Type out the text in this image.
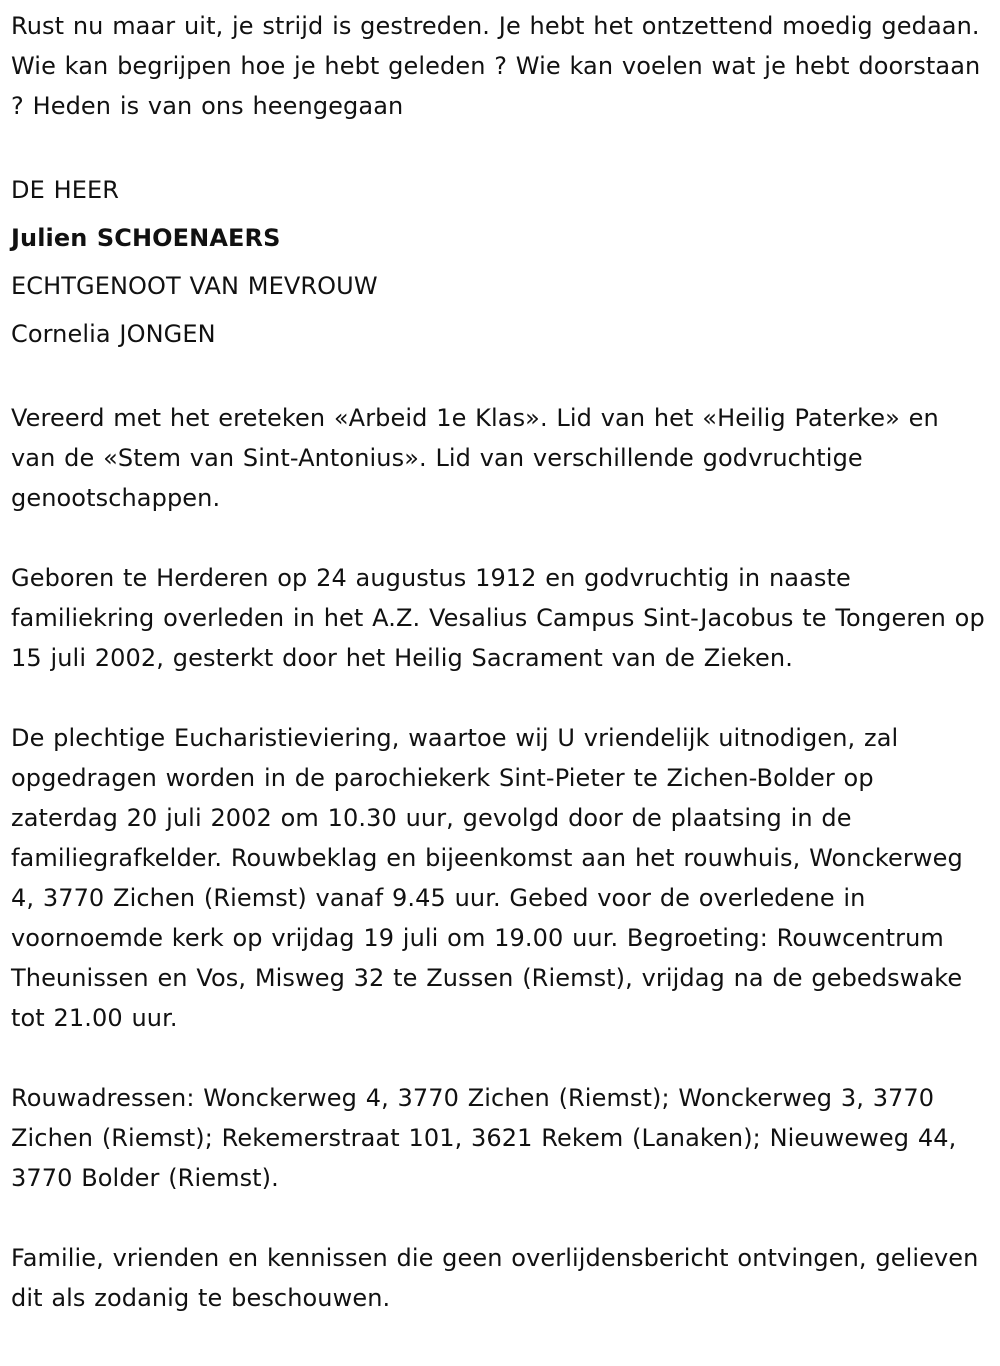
Rust nu maar uit, je strijd is gestreden. Je hebt het ontzettend moedig gedaan. Wie kan begrijpen hoe je hebt geleden ? Wie kan voelen wat je hebt doorstaan ? Heden is van ons heengegaan

DE HEER

Julien SCHOENAERS

ECHTGENOOT VAN MEVROUW

Cornelia JONGEN

Vereerd met het ereteken «Arbeid 1e Klas». Lid van het «Heilig Paterke» en van de «Stem van Sint-Antonius». Lid van verschillende godvruchtige genootschappen.

Geboren te Herderen op 24 augustus 1912 en godvruchtig in naaste familiekring overleden in het A.Z. Vesalius Campus Sint-Jacobus te Tongeren op 15 juli 2002, gesterkt door het Heilig Sacrament van de Zieken.

De plechtige Eucharistieviering, waartoe wij U vriendelijk uitnodigen, zal opgedragen worden in de parochiekerk Sint-Pieter te Zichen-Bolder op zaterdag 20 juli 2002 om 10.30 uur, gevolgd door de plaatsing in de familiegrafkelder. Rouwbeklag en bijeenkomst aan het rouwhuis, Wonckerweg 4, 3770 Zichen (Riemst) vanaf 9.45 uur. Gebed voor de overledene in voornoemde kerk op vrijdag 19 juli om 19.00 uur. Begroeting: Rouwcentrum Theunissen en Vos, Misweg 32 te Zussen (Riemst), vrijdag na de gebedswake tot 21.00 uur.

Rouwadressen: Wonckerweg 4, 3770 Zichen (Riemst); Wonckerweg 3, 3770 Zichen (Riemst); Rekemerstraat 101, 3621 Rekem (Lanaken); Nieuweweg 44, 3770 Bolder (Riemst).

Familie, vrienden en kennissen die geen overlijdensbericht ontvingen, gelieven dit als zodanig te beschouwen.
